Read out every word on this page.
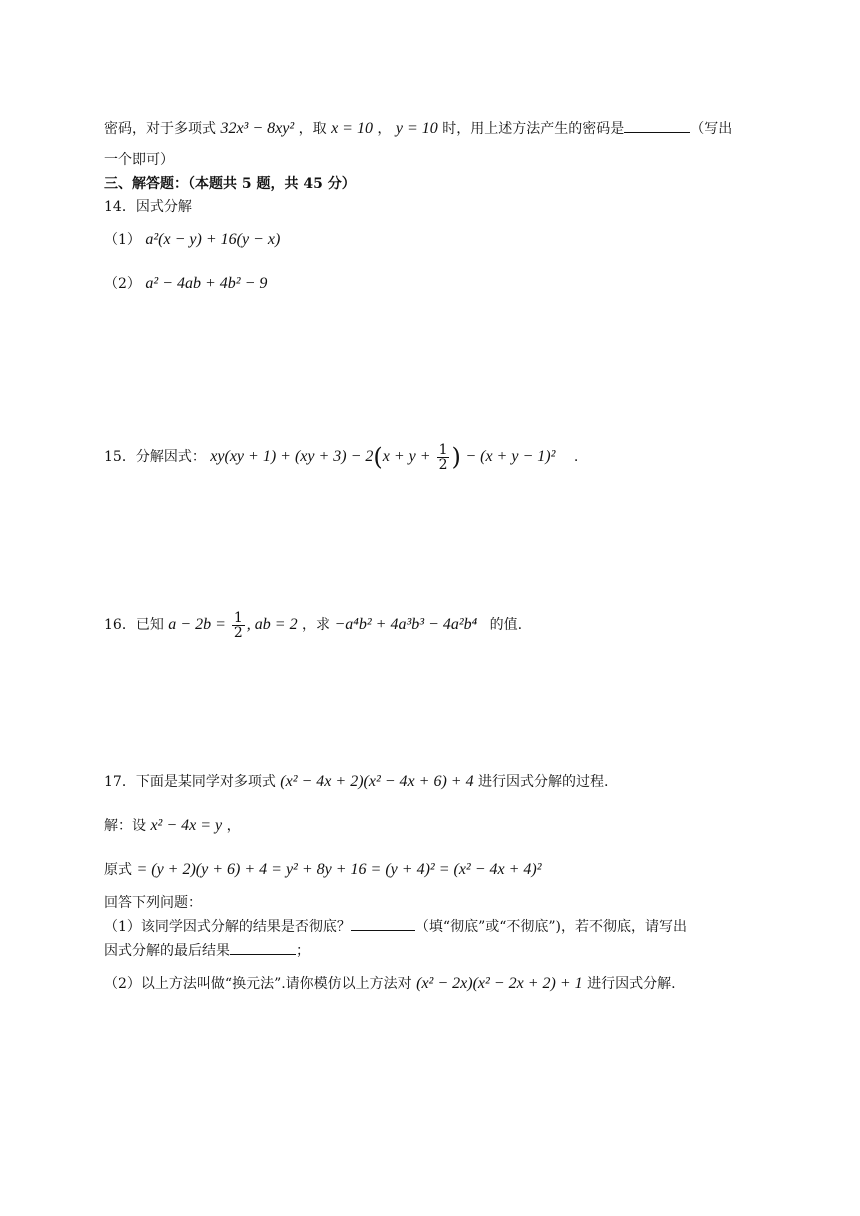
密码，对于多项式 32x³ − 8xy² ，取 x = 10 ， y = 10 时，用上述方法产生的密码是	（写出
一个即可）
三、解答题：（本题共 5 题，共 45 分）
14．因式分解
（1） a²(x − y) + 16(y − x)
（2） a² − 4ab + 4b² − 9
15．分解因式： $xy(xy + 1) + (xy + 3) - 2(x + y + \frac{1}{2}$ ) − (x + y − 1)² .
16．已知 $a - 2b = \frac{1}{2}$ , ab = 2 ，求 −a⁴b² + 4a³b³ − 4a²b⁴ 的值.
17．下面是某同学对多项式 (x² − 4x + 2)(x² − 4x + 6) + 4 进行因式分解的过程.
解：设 x² − 4x = y ，
原式 = (y + 2)(y + 6) + 4 = y² + 8y + 16 = (y + 4)² = (x² − 4x + 4)²
回答下列问题：
（1）该同学因式分解的结果是否彻底？	（填“彻底”或“不彻底”)，若不彻底，请写出
因式分解的最后结果	；
（2）以上方法叫做“换元法”.请你模仿以上方法对 (x² − 2x)(x² − 2x + 2) + 1 进行因式分解.
